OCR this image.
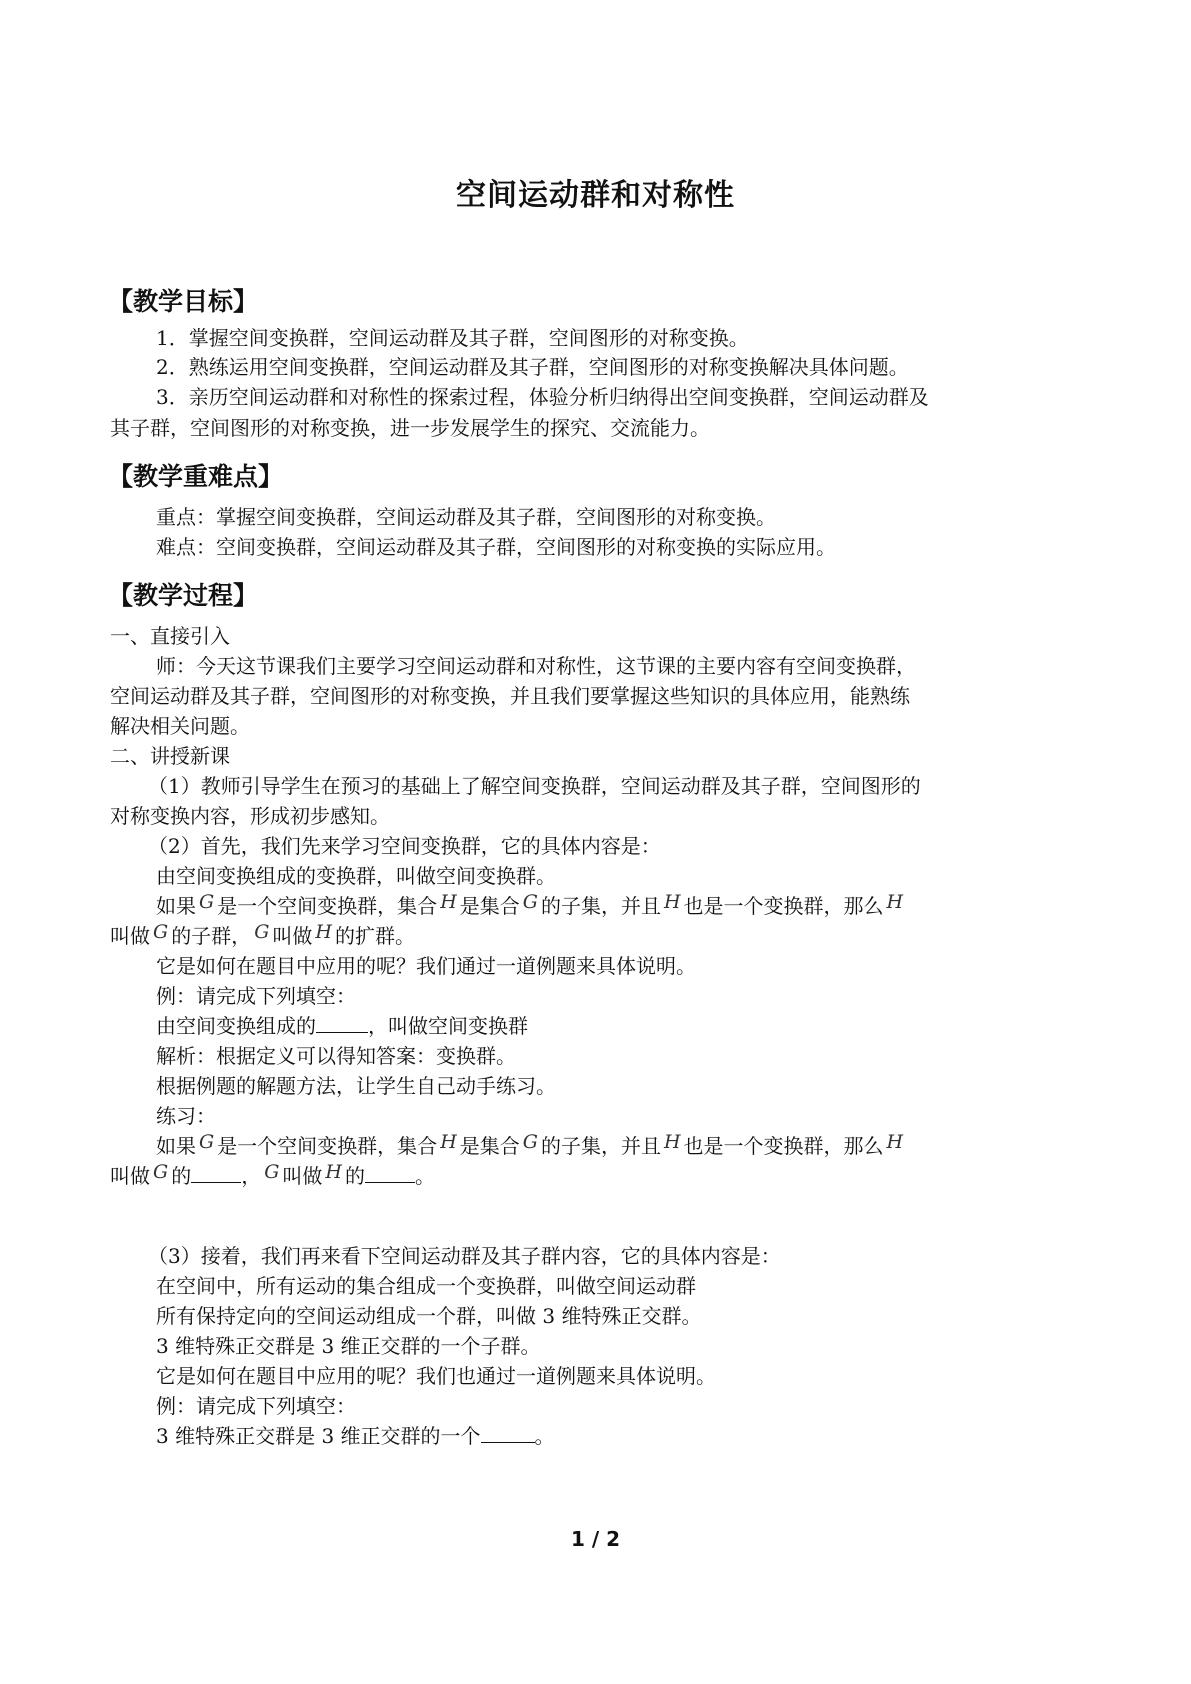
空间运动群和对称性
【教学目标】
1．掌握空间变换群，空间运动群及其子群，空间图形的对称变换。
2．熟练运用空间变换群，空间运动群及其子群，空间图形的对称变换解决具体问题。
3．亲历空间运动群和对称性的探索过程，体验分析归纳得出空间变换群，空间运动群及
其子群，空间图形的对称变换，进一步发展学生的探究、交流能力。
【教学重难点】
重点：掌握空间变换群，空间运动群及其子群，空间图形的对称变换。
难点：空间变换群，空间运动群及其子群，空间图形的对称变换的实际应用。
【教学过程】
一、直接引入
师：今天这节课我们主要学习空间运动群和对称性，这节课的主要内容有空间变换群，
空间运动群及其子群，空间图形的对称变换，并且我们要掌握这些知识的具体应用，能熟练
解决相关问题。
二、讲授新课
（1）教师引导学生在预习的基础上了解空间变换群，空间运动群及其子群，空间图形的
对称变换内容，形成初步感知。
（2）首先，我们先来学习空间变换群，它的具体内容是：
由空间变换组成的变换群，叫做空间变换群。
如果 G 是一个空间变换群，集合 H 是集合 G 的子集，并且 H 也是一个变换群，那么 H
叫做 G 的子群， G 叫做 H 的扩群。
它是如何在题目中应用的呢？我们通过一道例题来具体说明。
例：请完成下列填空：
由空间变换组成的	，叫做空间变换群
解析：根据定义可以得知答案：变换群。
根据例题的解题方法，让学生自己动手练习。
练习：
如果 G 是一个空间变换群，集合 H 是集合 G 的子集，并且 H 也是一个变换群，那么 H
叫做 G 的	， G 叫做 H 的	。
（3）接着，我们再来看下空间运动群及其子群内容，它的具体内容是：
在空间中，所有运动的集合组成一个变换群，叫做空间运动群
所有保持定向的空间运动组成一个群，叫做 3 维特殊正交群。
3 维特殊正交群是 3 维正交群的一个子群。
它是如何在题目中应用的呢？我们也通过一道例题来具体说明。
例：请完成下列填空：
3 维特殊正交群是 3 维正交群的一个	。
1 / 2
